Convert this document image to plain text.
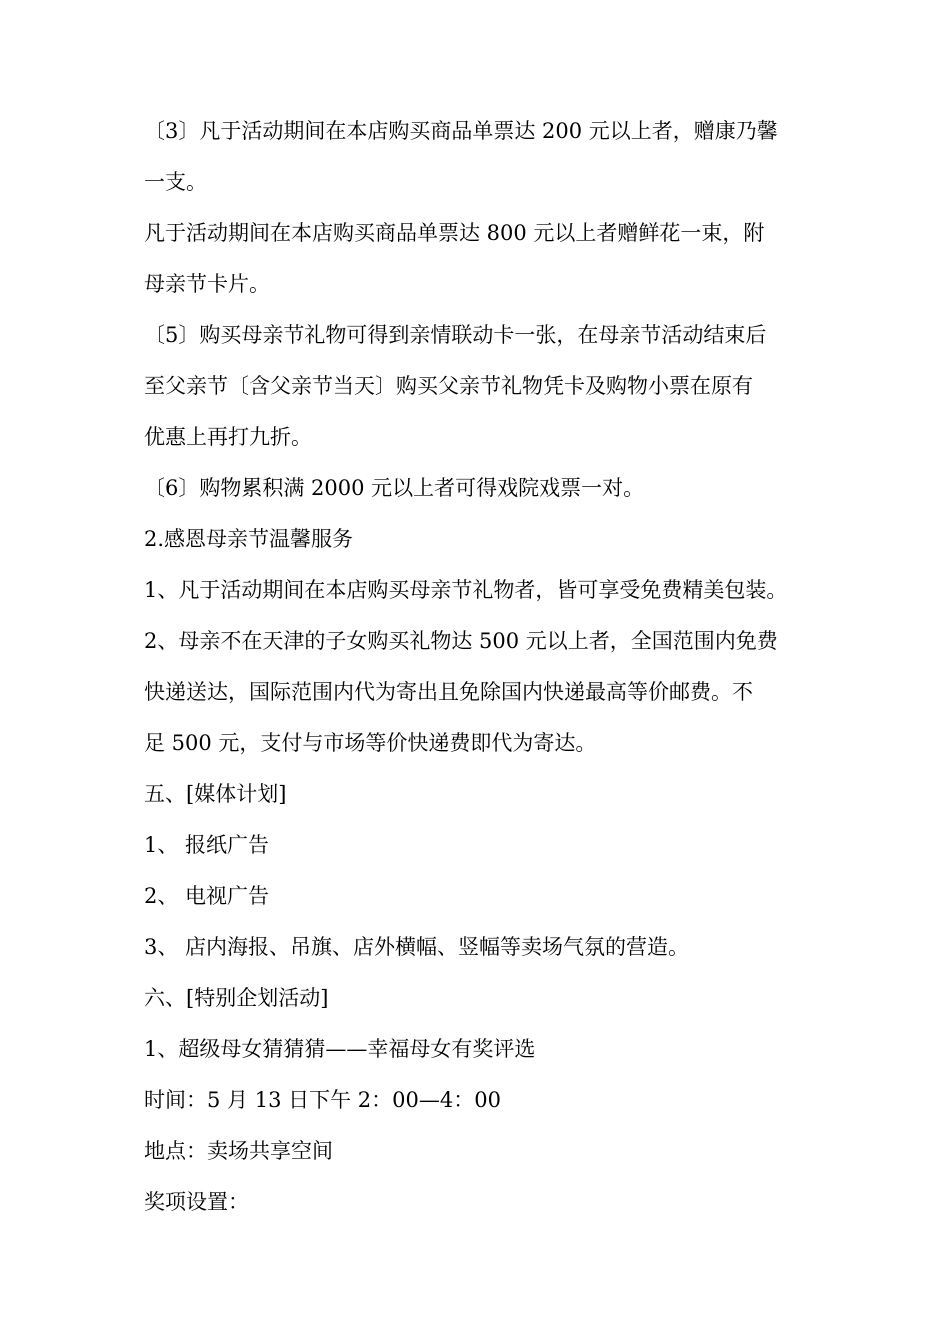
〔3〕凡于活动期间在本店购买商品单票达 200 元以上者，赠康乃馨
一支。
凡于活动期间在本店购买商品单票达 800 元以上者赠鲜花一束，附
母亲节卡片。
〔5〕购买母亲节礼物可得到亲情联动卡一张，在母亲节活动结束后
至父亲节〔含父亲节当天〕购买父亲节礼物凭卡及购物小票在原有
优惠上再打九折。
〔6〕购物累积满 2000 元以上者可得戏院戏票一对。
2.感恩母亲节温馨服务
1、凡于活动期间在本店购买母亲节礼物者，皆可享受免费精美包装。
2、母亲不在天津的子女购买礼物达 500 元以上者，全国范围内免费
快递送达，国际范围内代为寄出且免除国内快递最高等价邮费。不
足 500 元，支付与市场等价快递费即代为寄达。
五、[媒体计划]
1、 报纸广告
2、 电视广告
3、 店内海报、吊旗、店外横幅、竖幅等卖场气氛的营造。
六、[特别企划活动]
1、超级母女猜猜猜——幸福母女有奖评选
时间：5 月 13 日下午 2：00—4：00
地点：卖场共享空间
奖项设置：
